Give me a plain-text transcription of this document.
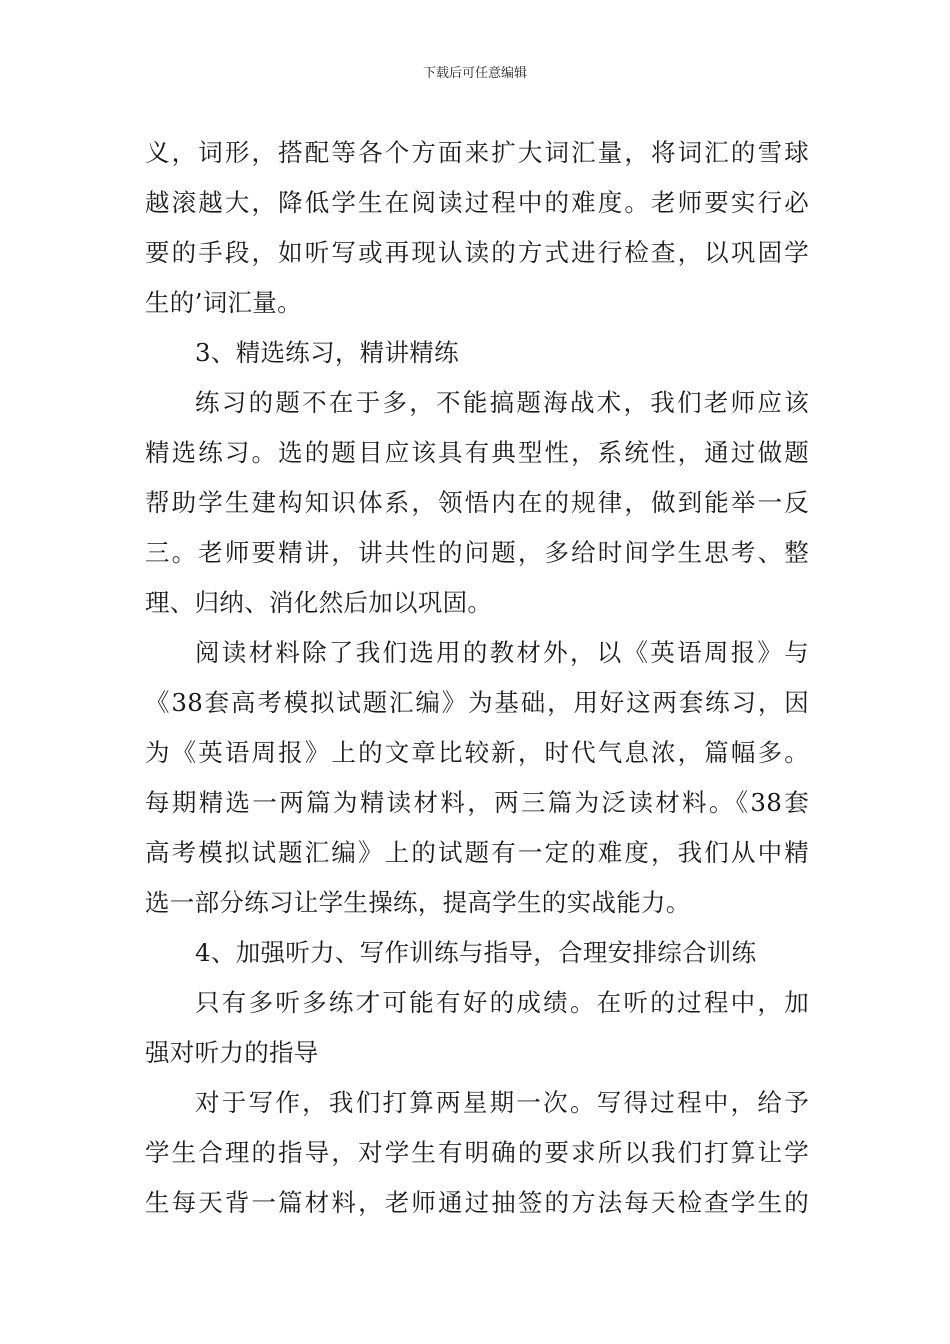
下载后可任意编辑
义，词形，搭配等各个方面来扩大词汇量，将词汇的雪球
越滚越大，降低学生在阅读过程中的难度。老师要实行必
要的手段，如听写或再现认读的方式进行检查，以巩固学
生的’词汇量。
3、精选练习，精讲精练
练习的题不在于多，不能搞题海战术，我们老师应该
精选练习。选的题目应该具有典型性，系统性，通过做题
帮助学生建构知识体系，领悟内在的规律，做到能举一反
三。老师要精讲，讲共性的问题，多给时间学生思考、整
理、归纳、消化然后加以巩固。
阅读材料除了我们选用的教材外，以《英语周报》与
《38套高考模拟试题汇编》为基础，用好这两套练习，因
为《英语周报》上的文章比较新，时代气息浓，篇幅多。
每期精选一两篇为精读材料，两三篇为泛读材料。《38套
高考模拟试题汇编》上的试题有一定的难度，我们从中精
选一部分练习让学生操练，提高学生的实战能力。
4、加强听力、写作训练与指导，合理安排综合训练
只有多听多练才可能有好的成绩。在听的过程中，加
强对听力的指导
对于写作，我们打算两星期一次。写得过程中，给予
学生合理的指导，对学生有明确的要求所以我们打算让学
生每天背一篇材料，老师通过抽签的方法每天检查学生的
